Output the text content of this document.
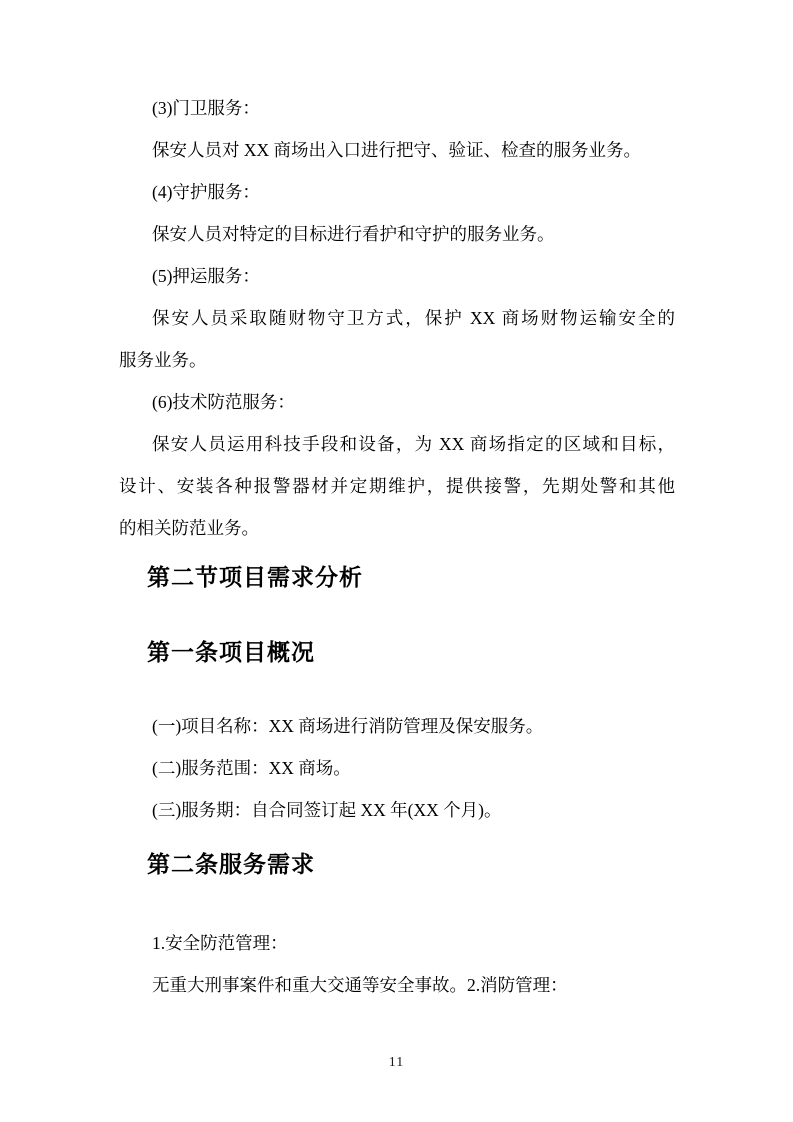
(3)门卫服务：
保安人员对 XX 商场出入口进行把守、验证、检查的服务业务。
(4)守护服务：
保安人员对特定的目标进行看护和守护的服务业务。
(5)押运服务：
保安人员采取随财物守卫方式，保护 XX 商场财物运输安全的
服务业务。
(6)技术防范服务：
保安人员运用科技手段和设备，为 XX 商场指定的区域和目标，
设计、安装各种报警器材并定期维护，提供接警，先期处警和其他
的相关防范业务。
第二节项目需求分析
第一条项目概况
(一)项目名称：XX 商场进行消防管理及保安服务。
(二)服务范围：XX 商场。
(三)服务期：自合同签订起 XX 年(XX 个月)。
第二条服务需求
1.安全防范管理：
无重大刑事案件和重大交通等安全事故。2.消防管理：
11
